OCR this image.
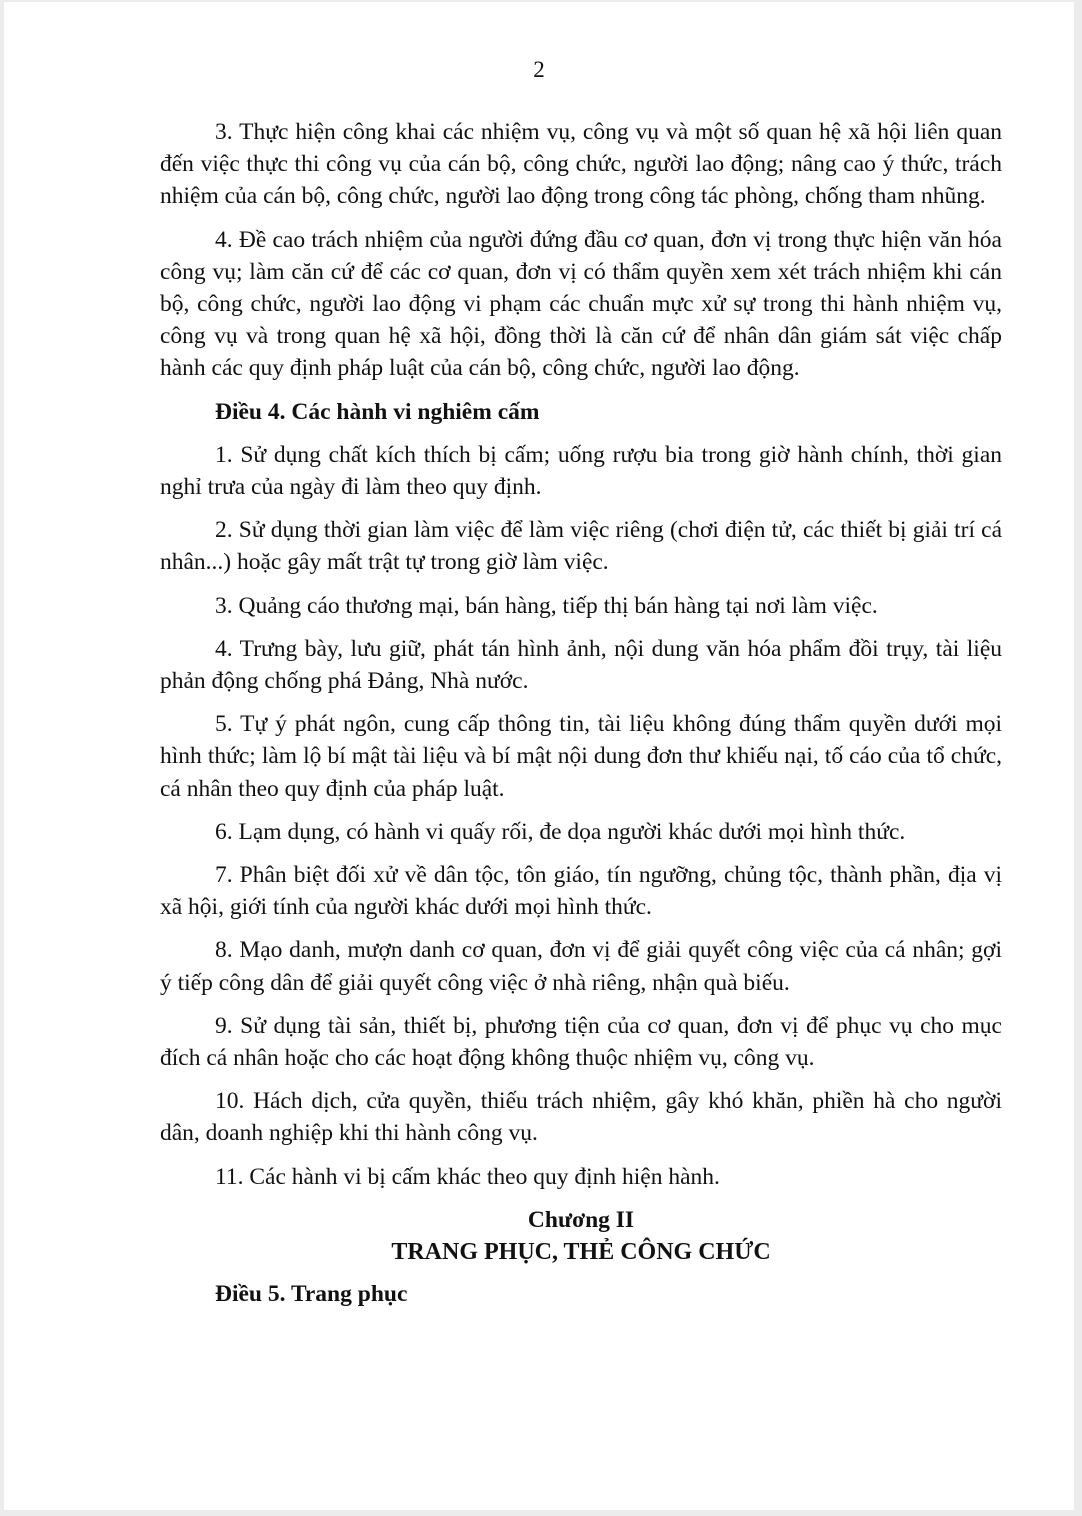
2

3. Thực hiện công khai các nhiệm vụ, công vụ và một số quan hệ xã hội liên quan đến việc thực thi công vụ của cán bộ, công chức, người lao động; nâng cao ý thức, trách nhiệm của cán bộ, công chức, người lao động trong công tác phòng, chống tham nhũng.

4. Đề cao trách nhiệm của người đứng đầu cơ quan, đơn vị trong thực hiện văn hóa công vụ; làm căn cứ để các cơ quan, đơn vị có thẩm quyền xem xét trách nhiệm khi cán bộ, công chức, người lao động vi phạm các chuẩn mực xử sự trong thi hành nhiệm vụ, công vụ và trong quan hệ xã hội, đồng thời là căn cứ để nhân dân giám sát việc chấp hành các quy định pháp luật của cán bộ, công chức, người lao động.

Điều 4. Các hành vi nghiêm cấm

1. Sử dụng chất kích thích bị cấm; uống rượu bia trong giờ hành chính, thời gian nghỉ trưa của ngày đi làm theo quy định.

2. Sử dụng thời gian làm việc để làm việc riêng (chơi điện tử, các thiết bị giải trí cá nhân...) hoặc gây mất trật tự trong giờ làm việc.

3. Quảng cáo thương mại, bán hàng, tiếp thị bán hàng tại nơi làm việc.

4. Trưng bày, lưu giữ, phát tán hình ảnh, nội dung văn hóa phẩm đồi trụy, tài liệu phản động chống phá Đảng, Nhà nước.

5. Tự ý phát ngôn, cung cấp thông tin, tài liệu không đúng thẩm quyền dưới mọi hình thức; làm lộ bí mật tài liệu và bí mật nội dung đơn thư khiếu nại, tố cáo của tổ chức, cá nhân theo quy định của pháp luật.

6. Lạm dụng, có hành vi quấy rối, đe dọa người khác dưới mọi hình thức.

7. Phân biệt đối xử về dân tộc, tôn giáo, tín ngưỡng, chủng tộc, thành phần, địa vị xã hội, giới tính của người khác dưới mọi hình thức.

8. Mạo danh, mượn danh cơ quan, đơn vị để giải quyết công việc của cá nhân; gợi ý tiếp công dân để giải quyết công việc ở nhà riêng, nhận quà biếu.

9. Sử dụng tài sản, thiết bị, phương tiện của cơ quan, đơn vị để phục vụ cho mục đích cá nhân hoặc cho các hoạt động không thuộc nhiệm vụ, công vụ.

10. Hách dịch, cửa quyền, thiếu trách nhiệm, gây khó khăn, phiền hà cho người dân, doanh nghiệp khi thi hành công vụ.

11. Các hành vi bị cấm khác theo quy định hiện hành.

Chương II

TRANG PHỤC, THẺ CÔNG CHỨC

Điều 5. Trang phục
